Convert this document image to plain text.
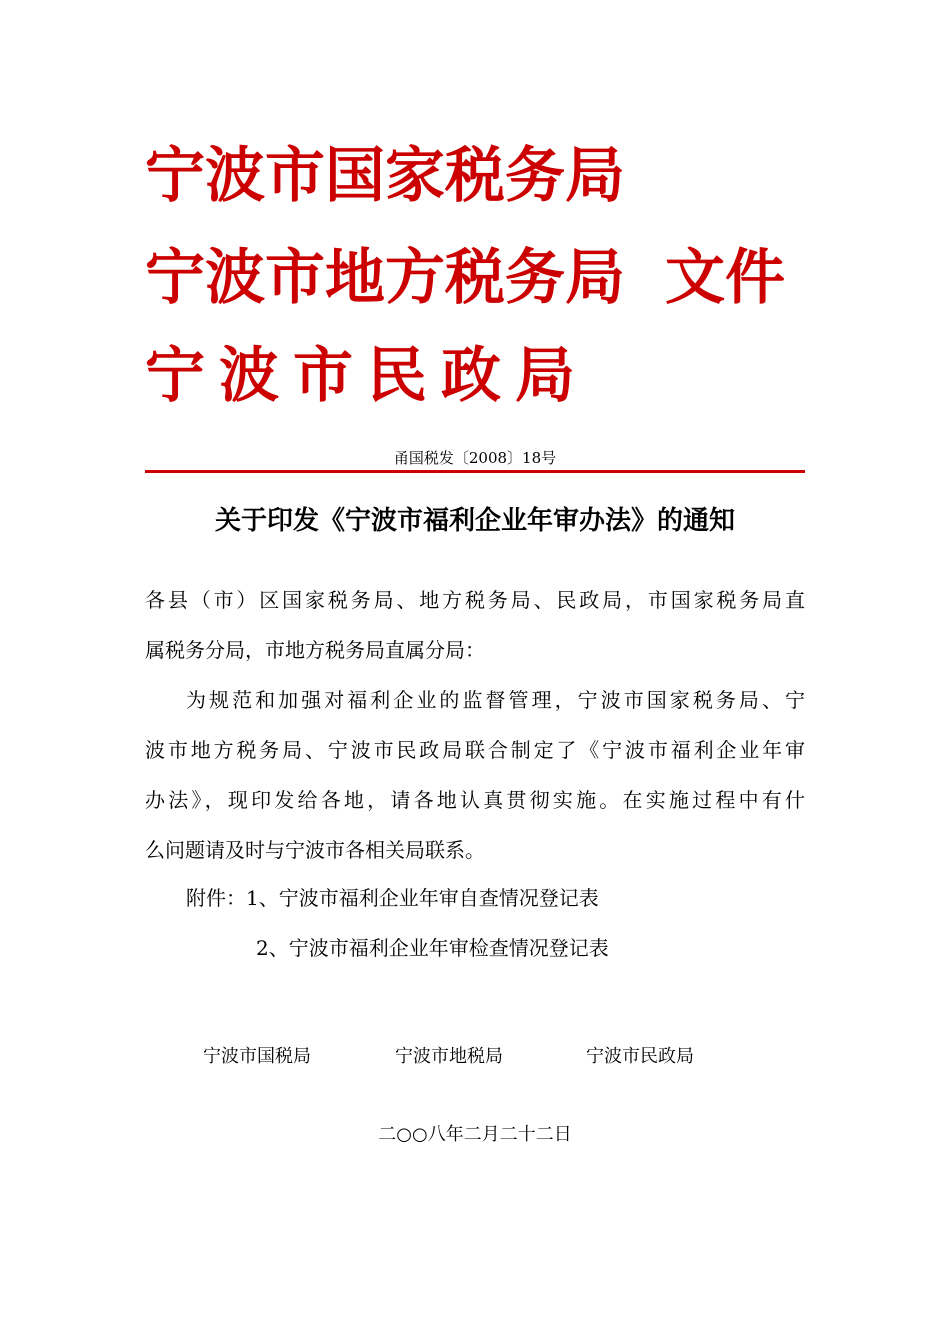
宁波市国家税务局
宁波市地方税务局 文件
宁波市民政局
甬国税发〔2008〕18号
关于印发《宁波市福利企业年审办法》的通知
各县（市）区国家税务局、地方税务局、民政局，市国家税务局直
属税务分局，市地方税务局直属分局：
为规范和加强对福利企业的监督管理，宁波市国家税务局、宁
波市地方税务局、宁波市民政局联合制定了《宁波市福利企业年审
办法》，现印发给各地，请各地认真贯彻实施。在实施过程中有什
么问题请及时与宁波市各相关局联系。
附件：1、宁波市福利企业年审自查情况登记表
2、宁波市福利企业年审检查情况登记表
宁波市国税局	宁波市地税局	宁波市民政局
二○○八年二月二十二日
